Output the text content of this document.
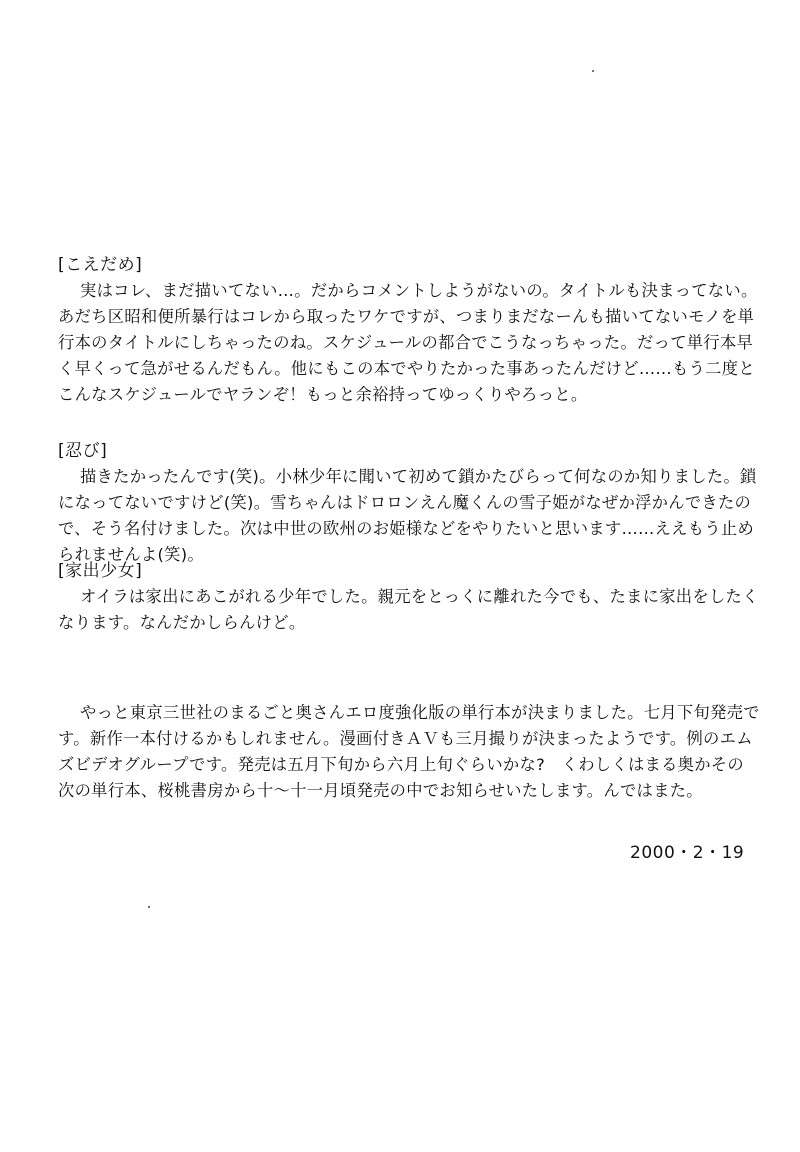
[こえだめ]
実はコレ、まだ描いてない…。だからコメントしようがないの。タイトルも決まってない。
あだち区昭和便所暴行はコレから取ったワケですが、つまりまだなーんも描いてないモノを単
行本のタイトルにしちゃったのね。スケジュールの都合でこうなっちゃった。だって単行本早
く早くって急がせるんだもん。他にもこの本でやりたかった事あったんだけど……もう二度と
こんなスケジュールでヤランぞ！もっと余裕持ってゆっくりやろっと。
[忍び]
描きたかったんです(笑)。小林少年に聞いて初めて鎖かたびらって何なのか知りました。鎖
になってないですけど(笑)。雪ちゃんはドロロンえん魔くんの雪子姫がなぜか浮かんできたの
で、そう名付けました。次は中世の欧州のお姫様などをやりたいと思います……ええもう止め
られませんよ(笑)。
[家出少女]
オイラは家出にあこがれる少年でした。親元をとっくに離れた今でも、たまに家出をしたく
なります。なんだかしらんけど。
やっと東京三世社のまるごと奥さんエロ度強化版の単行本が決まりました。七月下旬発売で
す。新作一本付けるかもしれません。漫画付きＡＶも三月撮りが決まったようです。例のエム
ズビデオグループです。発売は五月下旬から六月上旬ぐらいかな?　くわしくはまる奥かその
次の単行本、桜桃書房から十〜十一月頃発売の中でお知らせいたします。んではまた。
2000・2・19
